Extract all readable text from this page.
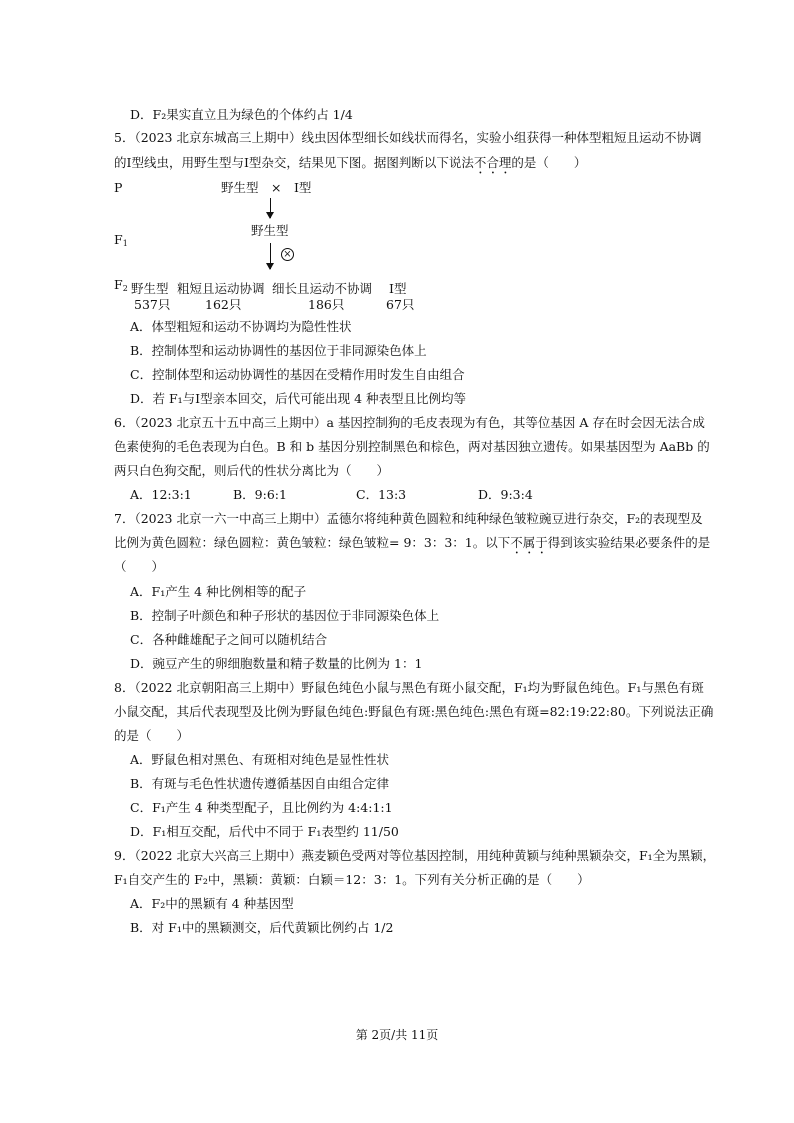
D．F₂果实直立且为绿色的个体约占 1/4
5．（2023 北京东城高三上期中）线虫因体型细长如线状而得名，实验小组获得一种体型粗短且运动不协调
的Ⅰ型线虫，用野生型与Ⅰ型杂交，结果见下图。据图判断以下说法不合理的是（　　）
P	野生型　×　Ⅰ型
$F_1$
野生型
×
$F_2$ 野生型 粗短且运动协调 细长且运动不协调 Ⅰ型
537只	162只	186只	67只
A．体型粗短和运动不协调均为隐性性状
B．控制体型和运动协调性的基因位于非同源染色体上
C．控制体型和运动协调性的基因在受精作用时发生自由组合
D．若 F₁与Ⅰ型亲本回交，后代可能出现 4 种表型且比例均等
6．（2023 北京五十五中高三上期中）a 基因控制狗的毛皮表现为有色，其等位基因 A 存在时会因无法合成
色素使狗的毛色表现为白色。B 和 b 基因分别控制黑色和棕色，两对基因独立遗传。如果基因型为 AaBb 的
两只白色狗交配，则后代的性状分离比为（　　）
A．12:3:1	B．9:6:1	C．13:3	D．9:3:4
7．（2023 北京一六一中高三上期中）孟德尔将纯种黄色圆粒和纯种绿色皱粒豌豆进行杂交，F₂的表现型及
比例为黄色圆粒：绿色圆粒：黄色皱粒：绿色皱粒= 9：3：3：1。以下不属于得到该实验结果必要条件的是
（　　）
A．F₁产生 4 种比例相等的配子
B．控制子叶颜色和种子形状的基因位于非同源染色体上
C．各种雌雄配子之间可以随机结合
D．豌豆产生的卵细胞数量和精子数量的比例为 1：1
8．（2022 北京朝阳高三上期中）野鼠色纯色小鼠与黑色有斑小鼠交配，F₁均为野鼠色纯色。F₁与黑色有斑
小鼠交配，其后代表现型及比例为野鼠色纯色:野鼠色有斑:黑色纯色:黑色有斑=82:19:22:80。下列说法正确
的是（　　）
A．野鼠色相对黑色、有斑相对纯色是显性性状
B．有斑与毛色性状遗传遵循基因自由组合定律
C．F₁产生 4 种类型配子，且比例约为 4:4:1:1
D．F₁相互交配，后代中不同于 F₁表型约 11/50
9．（2022 北京大兴高三上期中）燕麦颖色受两对等位基因控制，用纯种黄颖与纯种黑颖杂交，F₁全为黑颖，
F₁自交产生的 F₂中，黑颖：黄颖：白颖＝12：3：1。下列有关分析正确的是（　　）
A．F₂中的黑颖有 4 种基因型
B．对 F₁中的黑颖测交，后代黄颖比例约占 1/2
第 2页/共 11页
